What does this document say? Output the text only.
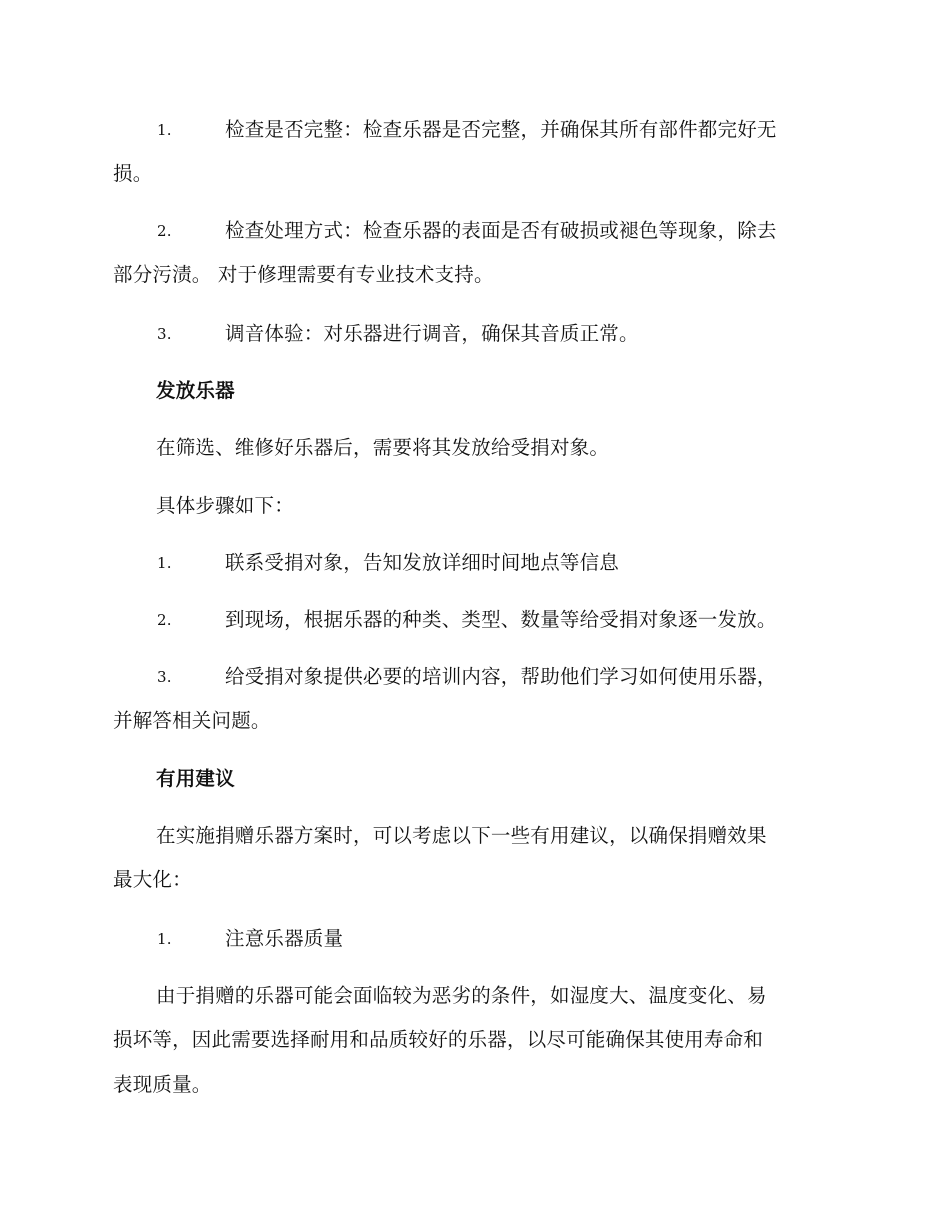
1.	检查是否完整：检查乐器是否完整，并确保其所有部件都完好无
损。
2.	检查处理方式：检查乐器的表面是否有破损或褪色等现象，除去
部分污渍。 对于修理需要有专业技术支持。
3.	调音体验：对乐器进行调音，确保其音质正常。
发放乐器
在筛选、维修好乐器后，需要将其发放给受捐对象。
具体步骤如下：
1.	联系受捐对象，告知发放详细时间地点等信息
2.	到现场，根据乐器的种类、类型、数量等给受捐对象逐一发放。
3.	给受捐对象提供必要的培训内容，帮助他们学习如何使用乐器，
并解答相关问题。
有用建议
在实施捐赠乐器方案时，可以考虑以下一些有用建议，以确保捐赠效果
最大化：
1.	注意乐器质量
由于捐赠的乐器可能会面临较为恶劣的条件，如湿度大、温度变化、易
损坏等，因此需要选择耐用和品质较好的乐器，以尽可能确保其使用寿命和
表现质量。
